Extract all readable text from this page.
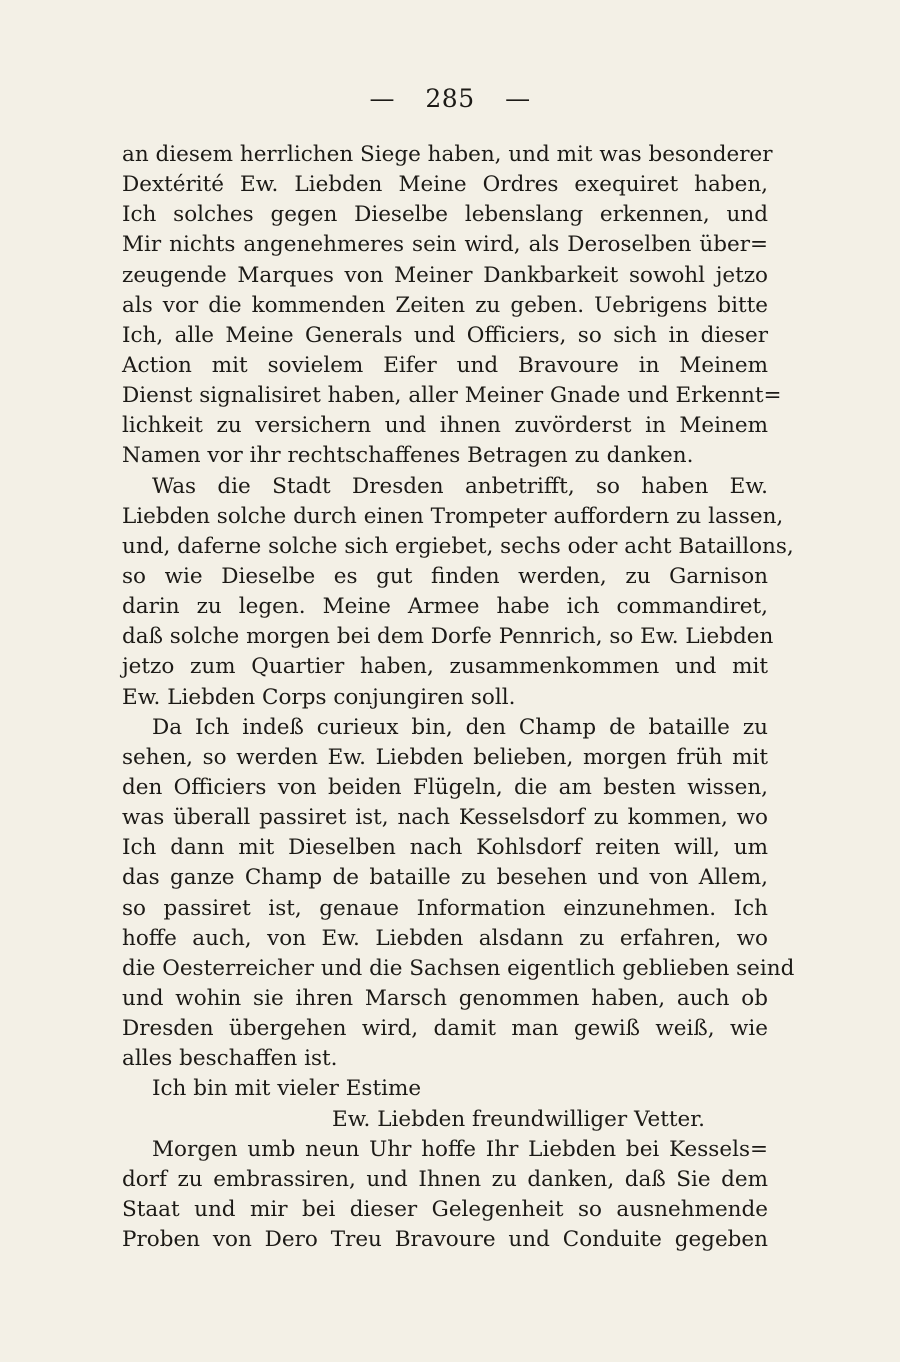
— 285 —
an diesem herrlichen Siege haben, und mit was besonderer
Dextérité Ew. Liebden Meine Ordres exequiret haben,
Ich solches gegen Dieselbe lebenslang erkennen, und
Mir nichts angenehmeres sein wird, als Deroselben über=
zeugende Marques von Meiner Dankbarkeit sowohl jetzo
als vor die kommenden Zeiten zu geben. Uebrigens bitte
Ich, alle Meine Generals und Officiers, so sich in dieser
Action mit sovielem Eifer und Bravoure in Meinem
Dienst signalisiret haben, aller Meiner Gnade und Erkennt=
lichkeit zu versichern und ihnen zuvörderst in Meinem
Namen vor ihr rechtschaffenes Betragen zu danken.
Was die Stadt Dresden anbetrifft, so haben Ew.
Liebden solche durch einen Trompeter auffordern zu lassen,
und, daferne solche sich ergiebet, sechs oder acht Bataillons,
so wie Dieselbe es gut finden werden, zu Garnison
darin zu legen. Meine Armee habe ich commandiret,
daß solche morgen bei dem Dorfe Pennrich, so Ew. Liebden
jetzo zum Quartier haben, zusammenkommen und mit
Ew. Liebden Corps conjungiren soll.
Da Ich indeß curieux bin, den Champ de bataille zu
sehen, so werden Ew. Liebden belieben, morgen früh mit
den Officiers von beiden Flügeln, die am besten wissen,
was überall passiret ist, nach Kesselsdorf zu kommen, wo
Ich dann mit Dieselben nach Kohlsdorf reiten will, um
das ganze Champ de bataille zu besehen und von Allem,
so passiret ist, genaue Information einzunehmen. Ich
hoffe auch, von Ew. Liebden alsdann zu erfahren, wo
die Oesterreicher und die Sachsen eigentlich geblieben seind
und wohin sie ihren Marsch genommen haben, auch ob
Dresden übergehen wird, damit man gewiß weiß, wie
alles beschaffen ist.
Ich bin mit vieler Estime
Ew. Liebden freundwilliger Vetter.
Morgen umb neun Uhr hoffe Ihr Liebden bei Kessels=
dorf zu embrassiren, und Ihnen zu danken, daß Sie dem
Staat und mir bei dieser Gelegenheit so ausnehmende
Proben von Dero Treu Bravoure und Conduite gegeben
